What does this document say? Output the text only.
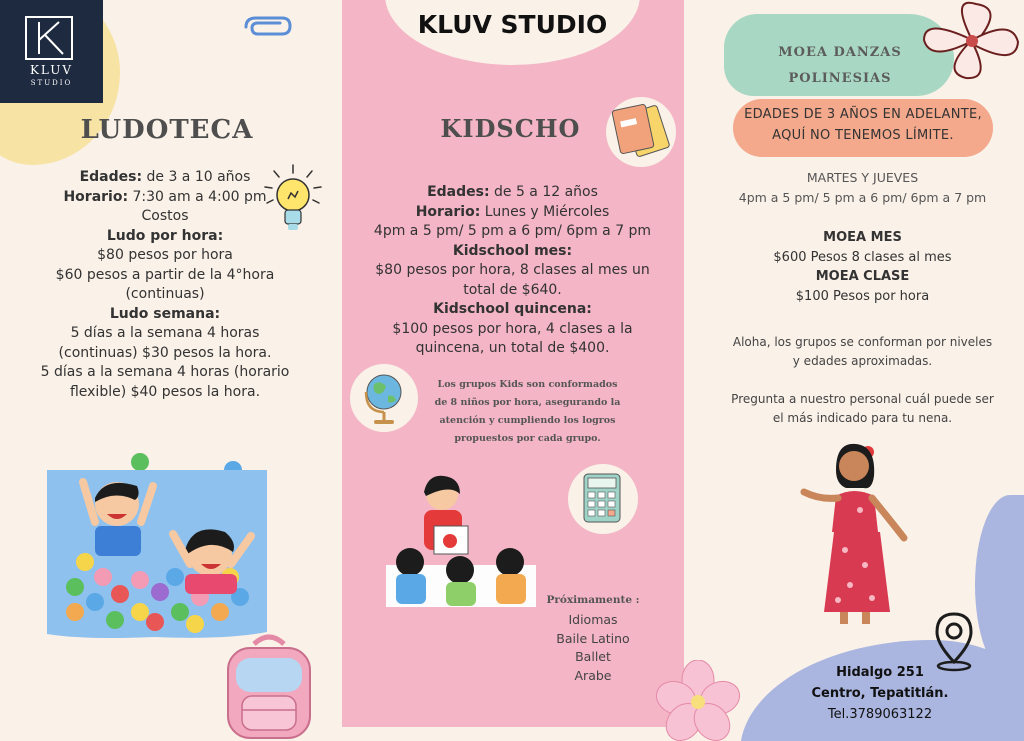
KLUV
STUDIO
LUDOTECA
Edades: de 3 a 10 años
Horario: 7:30 am a 4:00 pm
Costos
Ludo por hora:
$80 pesos por hora
$60 pesos a partir de la 4°hora
(continuas)
Ludo semana:
5 días a la semana 4 horas
(continuas) $30 pesos la hora.
5 días a la semana 4 horas (horario
flexible) $40 pesos la hora.
KLUV STUDIO
KIDSCHO
Edades: de 5 a 12 años
Horario: Lunes y Miércoles
4pm a 5 pm/ 5 pm a 6 pm/ 6pm a 7 pm
Kidschool mes:
$80 pesos por hora, 8 clases al mes un
total de $640.
Kidschool quincena:
$100 pesos por hora, 4 clases a la
quincena, un total de $400.
Los grupos Kids son conformados
de 8 niños por hora, asegurando la
atención y cumpliendo los logros
propuestos por cada grupo.
Próximamente :
Idiomas
Baile Latino
Ballet
Arabe
MOEA DANZAS
POLINESIAS
EDADES DE 3 AÑOS EN ADELANTE,
AQUÍ NO TENEMOS LÍMITE.
MARTES Y JUEVES
4pm a 5 pm/ 5 pm a 6 pm/ 6pm a 7 pm
MOEA MES
$600 Pesos 8 clases al mes
MOEA CLASE
$100 Pesos por hora
Aloha, los grupos se conforman por niveles
y edades aproximadas.
Pregunta a nuestro personal cuál puede ser
el más indicado para tu nena.
Hidalgo 251
Centro, Tepatitlán.
Tel.3789063122
